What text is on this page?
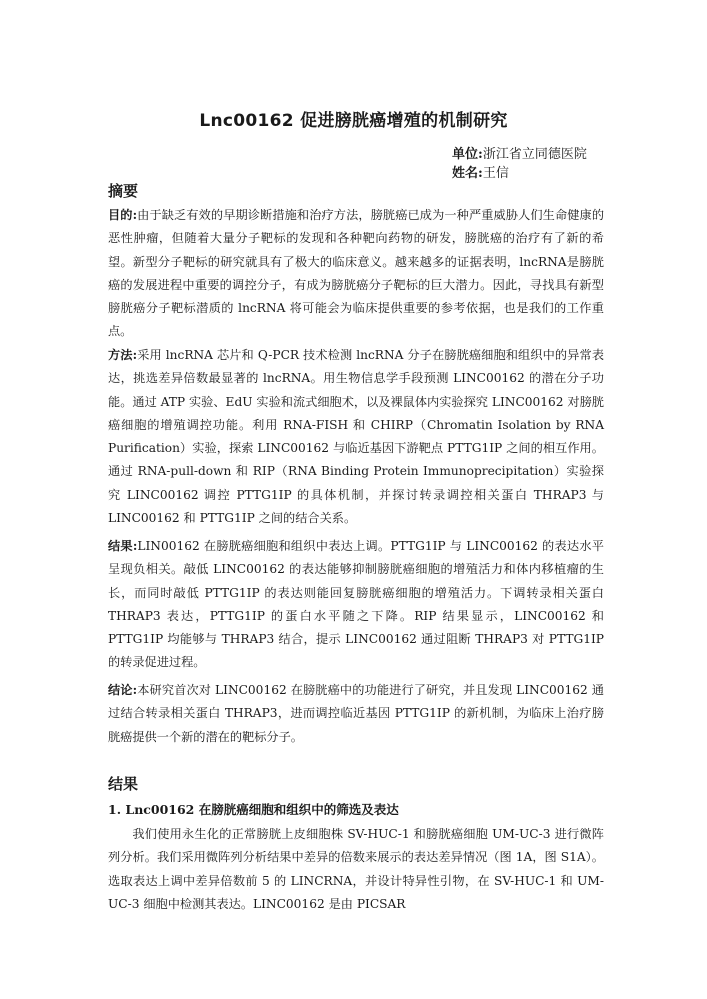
Lnc00162 促进膀胱癌增殖的机制研究
单位:浙江省立同德医院
姓名:王信
摘要

目的:由于缺乏有效的早期诊断措施和治疗方法，膀胱癌已成为一种严重威胁人们生命健康的恶性肿瘤，但随着大量分子靶标的发现和各种靶向药物的研发，膀胱癌的治疗有了新的希望。新型分子靶标的研究就具有了极大的临床意义。越来越多的证据表明，lncRNA是膀胱癌的发展进程中重要的调控分子，有成为膀胱癌分子靶标的巨大潜力。因此，寻找具有新型膀胱癌分子靶标潜质的 lncRNA 将可能会为临床提供重要的参考依据，也是我们的工作重点。

方法:采用 lncRNA 芯片和 Q-PCR 技术检测 lncRNA 分子在膀胱癌细胞和组织中的异常表达，挑选差异倍数最显著的 lncRNA。用生物信息学手段预测 LINC00162 的潜在分子功能。通过 ATP 实验、EdU 实验和流式细胞术，以及裸鼠体内实验探究 LINC00162 对膀胱癌细胞的增殖调控功能。利用 RNA-FISH 和 CHIRP（Chromatin Isolation by RNA Purification）实验，探索 LINC00162 与临近基因下游靶点 PTTG1IP 之间的相互作用。通过 RNA-pull-down 和 RIP（RNA Binding Protein Immunoprecipitation）实验探究 LINC00162 调控 PTTG1IP 的具体机制，并探讨转录调控相关蛋白 THRAP3 与 LINC00162 和 PTTG1IP 之间的结合关系。

结果:LIN00162 在膀胱癌细胞和组织中表达上调。PTTG1IP 与 LINC00162 的表达水平呈现负相关。敲低 LINC00162 的表达能够抑制膀胱癌细胞的增殖活力和体内移植瘤的生长，而同时敲低 PTTG1IP 的表达则能回复膀胱癌细胞的增殖活力。下调转录相关蛋白 THRAP3 表达，PTTG1IP 的蛋白水平随之下降。RIP 结果显示，LINC00162 和 PTTG1IP 均能够与 THRAP3 结合，提示 LINC00162 通过阻断 THRAP3 对 PTTG1IP 的转录促进过程。

结论:本研究首次对 LINC00162 在膀胱癌中的功能进行了研究，并且发现 LINC00162 通过结合转录相关蛋白 THRAP3，进而调控临近基因 PTTG1IP 的新机制，为临床上治疗膀胱癌提供一个新的潜在的靶标分子。

结果
1. Lnc00162 在膀胱癌细胞和组织中的筛选及表达

我们使用永生化的正常膀胱上皮细胞株 SV-HUC-1 和膀胱癌细胞 UM-UC-3 进行微阵列分析。我们采用微阵列分析结果中差异的倍数来展示的表达差异情况（图 1A，图 S1A）。选取表达上调中差异倍数前 5 的 LINCRNA，并设计特异性引物，在 SV-HUC-1 和 UM-UC-3 细胞中检测其表达。LINC00162 是由 PICSAR
